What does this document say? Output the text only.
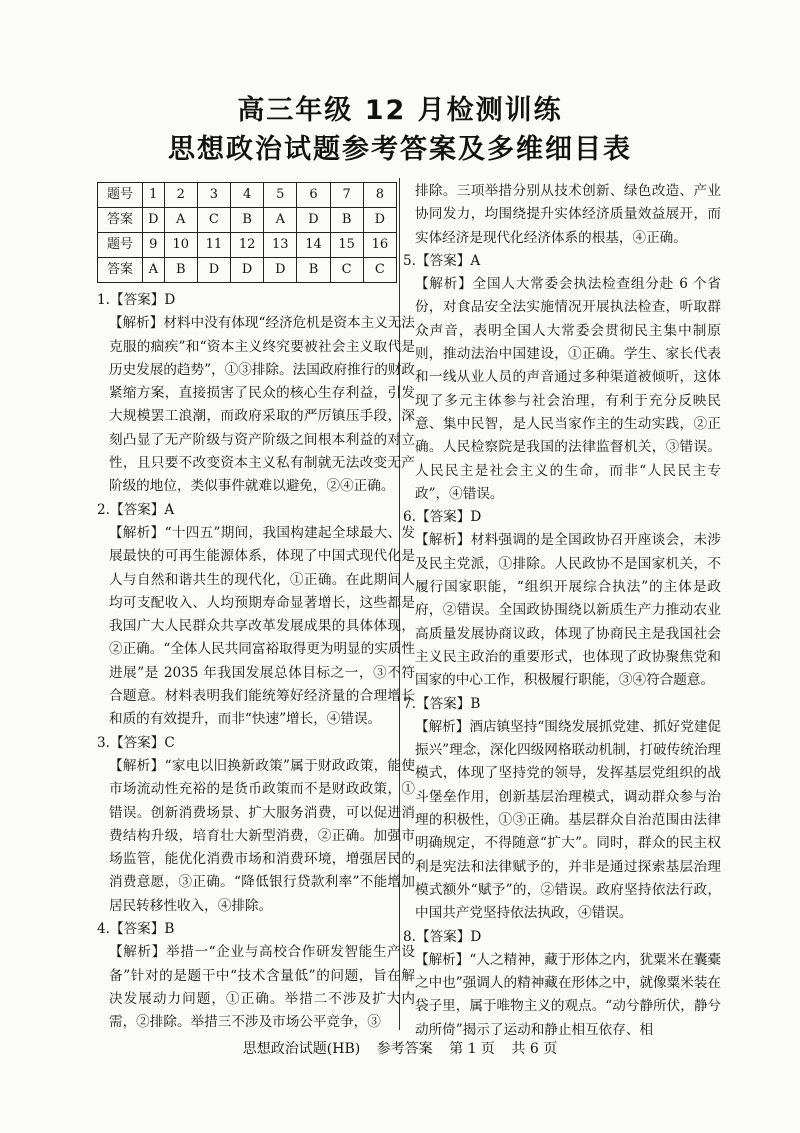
高三年级 12 月检测训练
思想政治试题参考答案及多维细目表
题号	1	2	3	4	5	6	7	8
答案	D	A	C	B	A	D	B	D
题号	9	10	11	12	13	14	15	16
答案	A	B	D	D	D	B	C	C

1.【答案】D

【解析】材料中没有体现“经济危机是资本主义无法克服的痼疾”和“资本主义终究要被社会主义取代是历史发展的趋势”，①③排除。法国政府推行的财政紧缩方案，直接损害了民众的核心生存利益，引发大规模罢工浪潮，而政府采取的严厉镇压手段，深刻凸显了无产阶级与资产阶级之间根本利益的对立性，且只要不改变资本主义私有制就无法改变无产阶级的地位，类似事件就难以避免，②④正确。

2.【答案】A

【解析】“十四五”期间，我国构建起全球最大、发展最快的可再生能源体系，体现了中国式现代化是人与自然和谐共生的现代化，①正确。在此期间人均可支配收入、人均预期寿命显著增长，这些都是我国广大人民群众共享改革发展成果的具体体现，②正确。“全体人民共同富裕取得更为明显的实质性进展”是 2035 年我国发展总体目标之一，③不符合题意。材料表明我们能统筹好经济量的合理增长和质的有效提升，而非“快速”增长，④错误。

3.【答案】C

【解析】“家电以旧换新政策”属于财政政策，能使市场流动性充裕的是货币政策而不是财政政策，①错误。创新消费场景、扩大服务消费，可以促进消费结构升级，培育壮大新型消费，②正确。加强市场监管，能优化消费市场和消费环境，增强居民的消费意愿，③正确。“降低银行贷款利率”不能增加居民转移性收入，④排除。

4.【答案】B

【解析】举措一“企业与高校合作研发智能生产设备”针对的是题干中“技术含量低”的问题，旨在解决发展动力问题，①正确。举措二不涉及扩大内需，②排除。举措三不涉及市场公平竞争，③

排除。三项举措分别从技术创新、绿色改造、产业协同发力，均围绕提升实体经济质量效益展开，而实体经济是现代化经济体系的根基，④正确。

5.【答案】A

【解析】全国人大常委会执法检查组分赴 6 个省份，对食品安全法实施情况开展执法检查，听取群众声音，表明全国人大常委会贯彻民主集中制原则，推动法治中国建设，①正确。学生、家长代表和一线从业人员的声音通过多种渠道被倾听，这体现了多元主体参与社会治理，有利于充分反映民意、集中民智，是人民当家作主的生动实践，②正确。人民检察院是我国的法律监督机关，③错误。人民民主是社会主义的生命，而非“人民民主专政”，④错误。

6.【答案】D

【解析】材料强调的是全国政协召开座谈会，未涉及民主党派，①排除。人民政协不是国家机关，不履行国家职能，“组织开展综合执法”的主体是政府，②错误。全国政协围绕以新质生产力推动农业高质量发展协商议政，体现了协商民主是我国社会主义民主政治的重要形式，也体现了政协聚焦党和国家的中心工作，积极履行职能，③④符合题意。

7.【答案】B

【解析】酒店镇坚持“围绕发展抓党建、抓好党建促振兴”理念，深化四级网格联动机制，打破传统治理模式，体现了坚持党的领导，发挥基层党组织的战斗堡垒作用，创新基层治理模式，调动群众参与治理的积极性，①③正确。基层群众自治范围由法律明确规定，不得随意“扩大”。同时，群众的民主权利是宪法和法律赋予的，并非是通过探索基层治理模式额外“赋予”的，②错误。政府坚持依法行政，中国共产党坚持依法执政，④错误。

8.【答案】D

【解析】“人之精神，藏于形体之内，犹粟米在囊橐之中也”强调人的精神藏在形体之中，就像粟米装在袋子里，属于唯物主义的观点。“动兮静所伏，静兮动所倚”揭示了运动和静止相互依存、相

思想政治试题(HB) 参考答案 第 1 页 共 6 页
